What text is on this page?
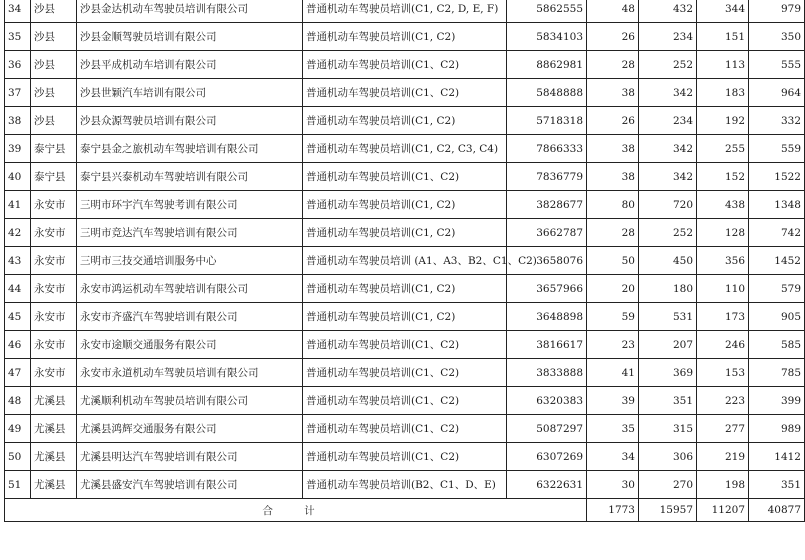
34	沙县	沙县金达机动车驾驶员培训有限公司	普通机动车驾驶员培训(C1, C2, D, E, F)	5862555	48	432	344	979
35	沙县	沙县金顺驾驶员培训有限公司	普通机动车驾驶员培训(C1, C2)	5834103	26	234	151	350
36	沙县	沙县平成机动车培训有限公司	普通机动车驾驶员培训(C1、C2)	8862981	28	252	113	555
37	沙县	沙县世颖汽车培训有限公司	普通机动车驾驶员培训(C1、C2)	5848888	38	342	183	964
38	沙县	沙县众源驾驶员培训有限公司	普通机动车驾驶员培训(C1, C2)	5718318	26	234	192	332
39	泰宁县	泰宁县金之旅机动车驾驶培训有限公司	普通机动车驾驶员培训(C1, C2, C3, C4)	7866333	38	342	255	559
40	泰宁县	泰宁县兴泰机动车驾驶培训有限公司	普通机动车驾驶员培训(C1、C2)	7836779	38	342	152	1522
41	永安市	三明市环宇汽车驾驶考训有限公司	普通机动车驾驶员培训(C1, C2)	3828677	80	720	438	1348
42	永安市	三明市竞达汽车驾驶培训有限公司	普通机动车驾驶员培训(C1, C2)	3662787	28	252	128	742
43	永安市	三明市三技交通培训服务中心	普通机动车驾驶员培训 (A1、A3、B2、C1、C2)	3658076	50	450	356	1452
44	永安市	永安市鸿运机动车驾驶培训有限公司	普通机动车驾驶员培训(C1, C2)	3657966	20	180	110	579
45	永安市	永安市齐盛汽车驾驶培训有限公司	普通机动车驾驶员培训(C1, C2)	3648898	59	531	173	905
46	永安市	永安市途顺交通服务有限公司	普通机动车驾驶员培训(C1、C2)	3816617	23	207	246	585
47	永安市	永安市永道机动车驾驶员培训有限公司	普通机动车驾驶员培训(C1、C2)	3833888	41	369	153	785
48	尤溪县	尤溪顺利机动车驾驶员培训有限公司	普通机动车驾驶员培训(C1、C2)	6320383	39	351	223	399
49	尤溪县	尤溪县鸿辉交通服务有限公司	普通机动车驾驶员培训(C1、C2)	5087297	35	315	277	989
50	尤溪县	尤溪县明达汽车驾驶培训有限公司	普通机动车驾驶员培训(C1、C2)	6307269	34	306	219	1412
51	尤溪县	尤溪县盛安汽车驾驶培训有限公司	普通机动车驾驶员培训(B2、C1、D、E)	6322631	30	270	198	351
合 计					1773	15957	11207	40877
